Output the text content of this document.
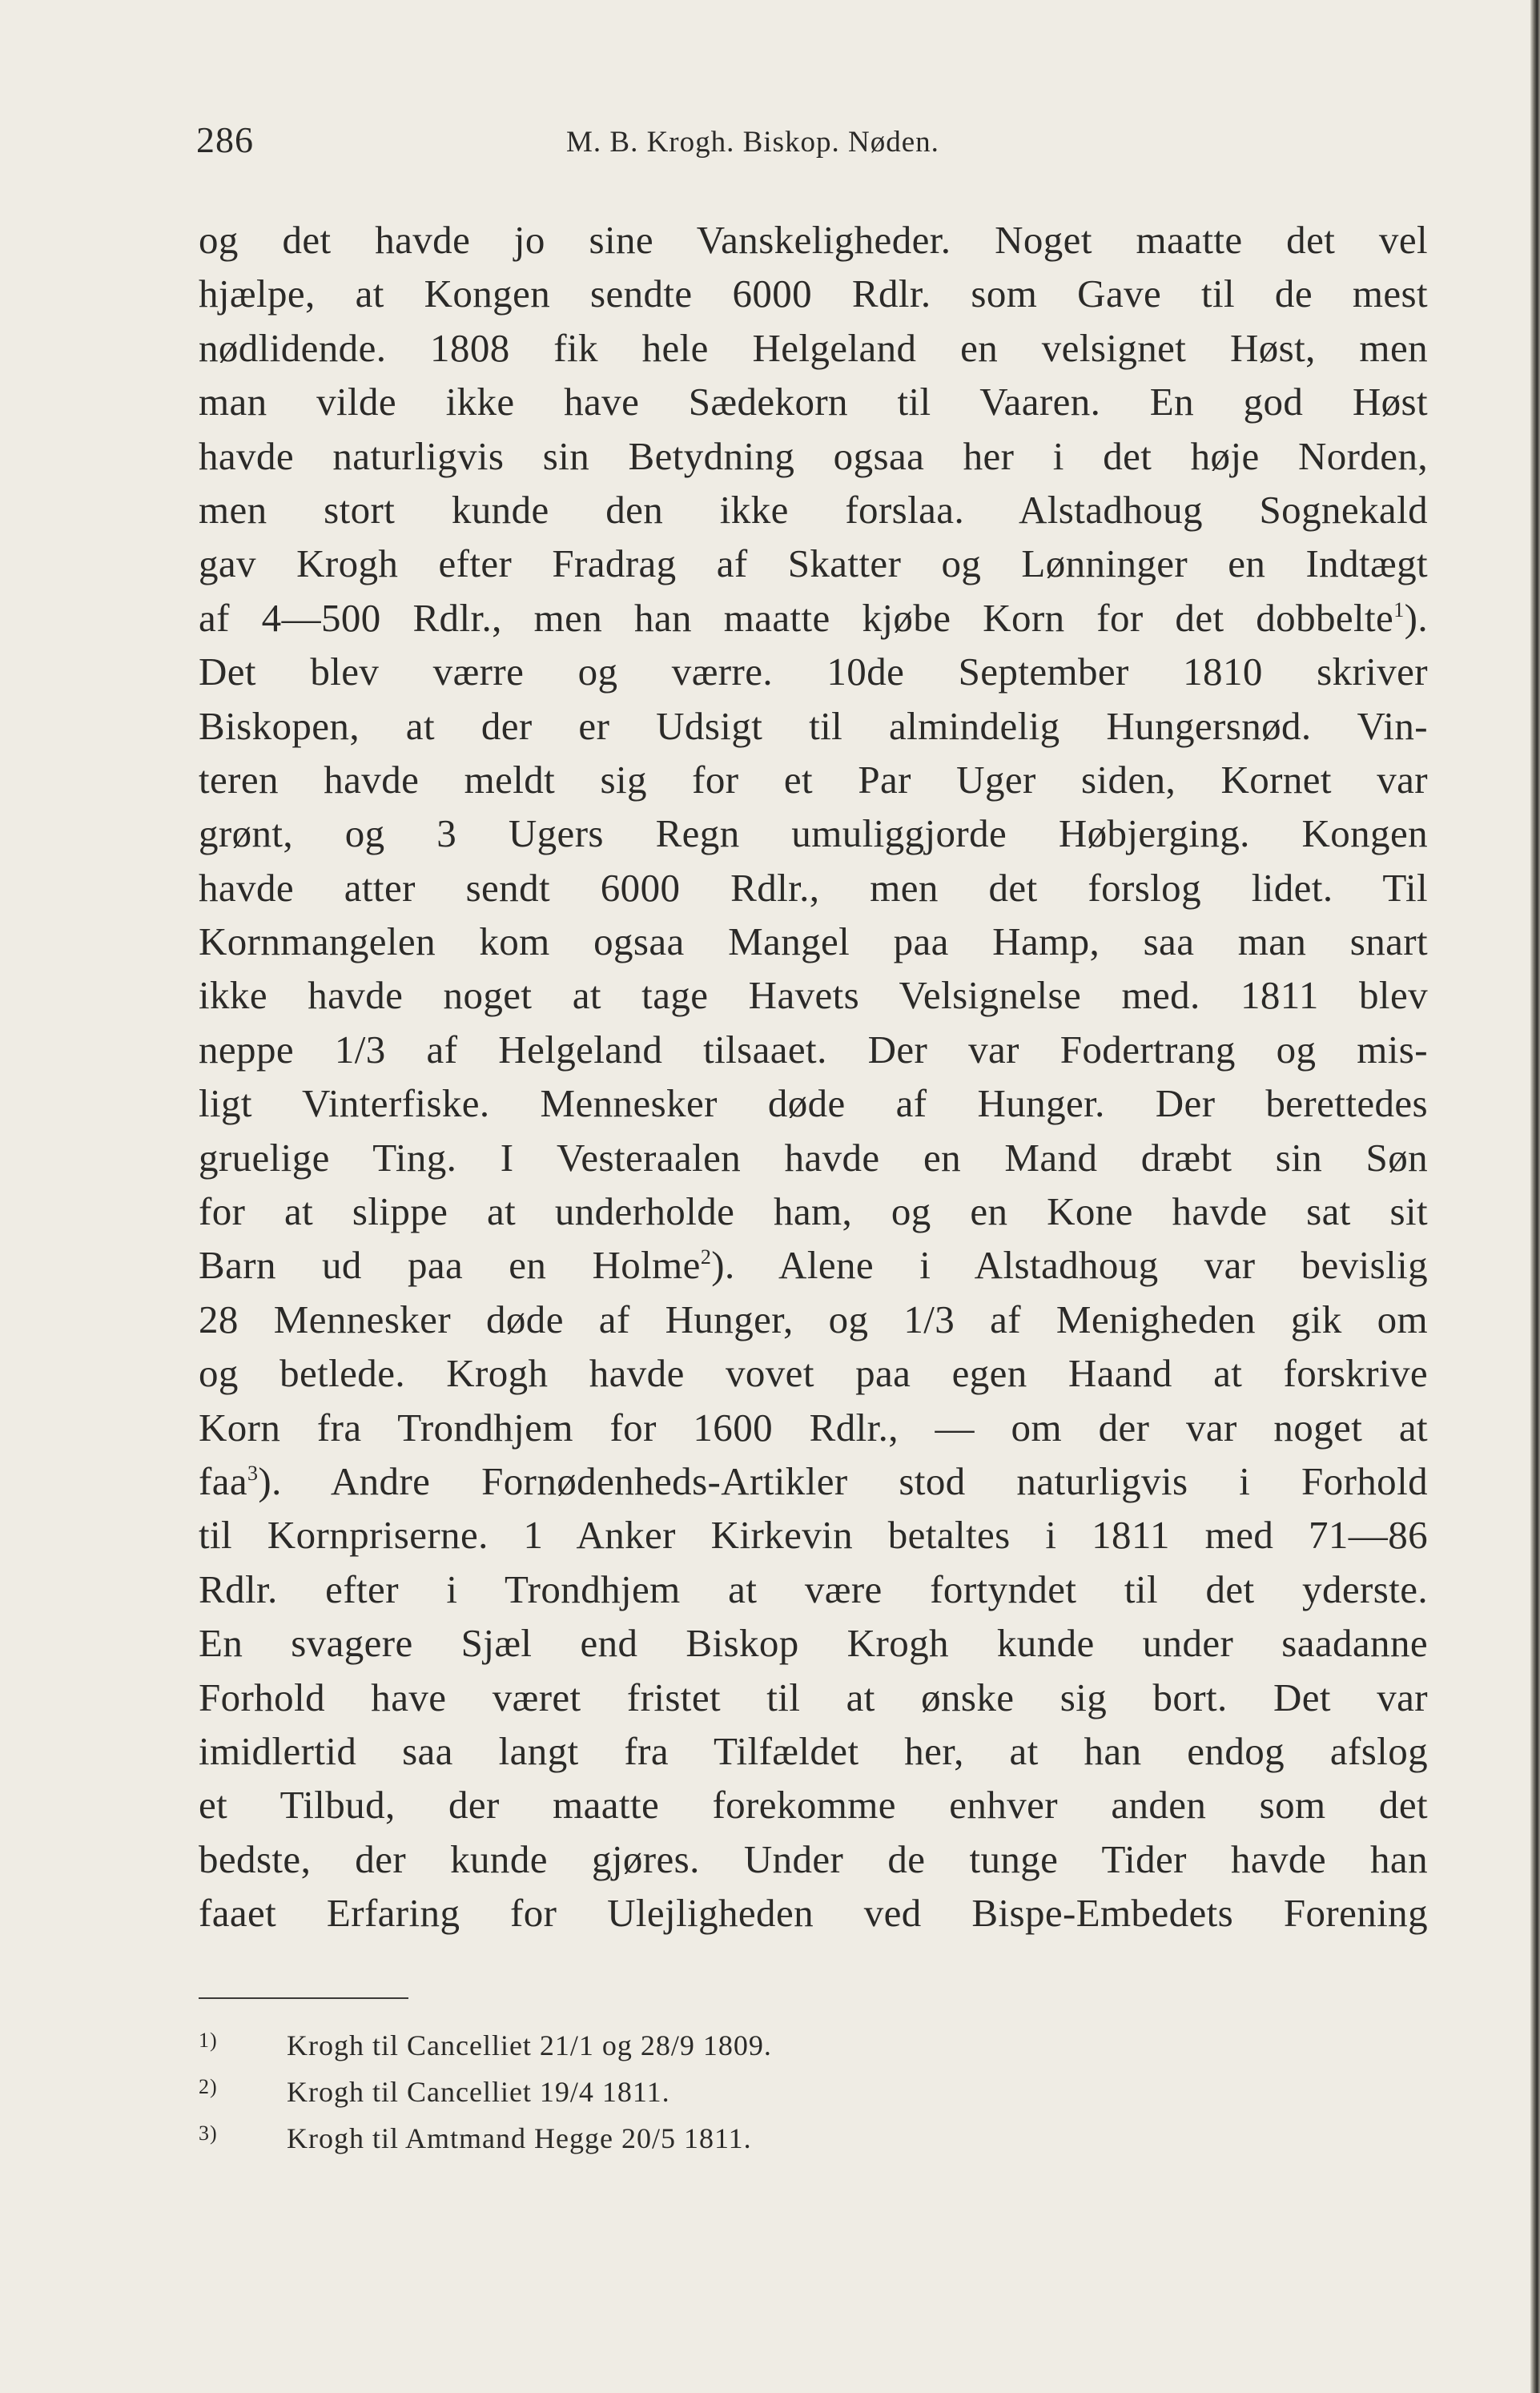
286	M. B. Krogh. Biskop. Nøden.
og det havde jo sine Vanskeligheder. Noget maatte det vel
hjælpe, at Kongen sendte 6000 Rdlr. som Gave til de mest
nødlidende. 1808 fik hele Helgeland en velsignet Høst, men
man vilde ikke have Sædekorn til Vaaren. En god Høst
havde naturligvis sin Betydning ogsaa her i det høje Norden,
men stort kunde den ikke forslaa. Alstadhoug Sognekald
gav Krogh efter Fradrag af Skatter og Lønninger en Indtægt
af 4—500 Rdlr., men han maatte kjøbe Korn for det dobbelte$^1$).
Det blev værre og værre. 10de September 1810 skriver
Biskopen, at der er Udsigt til almindelig Hungersnød. Vin-
teren havde meldt sig for et Par Uger siden, Kornet var
grønt, og 3 Ugers Regn umuliggjorde Høbjerging. Kongen
havde atter sendt 6000 Rdlr., men det forslog lidet. Til
Kornmangelen kom ogsaa Mangel paa Hamp, saa man snart
ikke havde noget at tage Havets Velsignelse med. 1811 blev
neppe 1/3 af Helgeland tilsaaet. Der var Fodertrang og mis-
ligt Vinterfiske. Mennesker døde af Hunger. Der berettedes
gruelige Ting. I Vesteraalen havde en Mand dræbt sin Søn
for at slippe at underholde ham, og en Kone havde sat sit
Barn ud paa en Holme$^2$). Alene i Alstadhoug var bevislig
28 Mennesker døde af Hunger, og 1/3 af Menigheden gik om
og betlede. Krogh havde vovet paa egen Haand at forskrive
Korn fra Trondhjem for 1600 Rdlr., — om der var noget at
faa$^3$). Andre Fornødenheds-Artikler stod naturligvis i Forhold
til Kornpriserne. 1 Anker Kirkevin betaltes i 1811 med 71—86
Rdlr. efter i Trondhjem at være fortyndet til det yderste.
En svagere Sjæl end Biskop Krogh kunde under saadanne
Forhold have været fristet til at ønske sig bort. Det var
imidlertid saa langt fra Tilfældet her, at han endog afslog
et Tilbud, der maatte forekomme enhver anden som det
bedste, der kunde gjøres. Under de tunge Tider havde han
faaet Erfaring for Ulejligheden ved Bispe-Embedets Forening
1) Krogh til Cancelliet 21/1 og 28/9 1809.
2) Krogh til Cancelliet 19/4 1811.
3) Krogh til Amtmand Hegge 20/5 1811.
